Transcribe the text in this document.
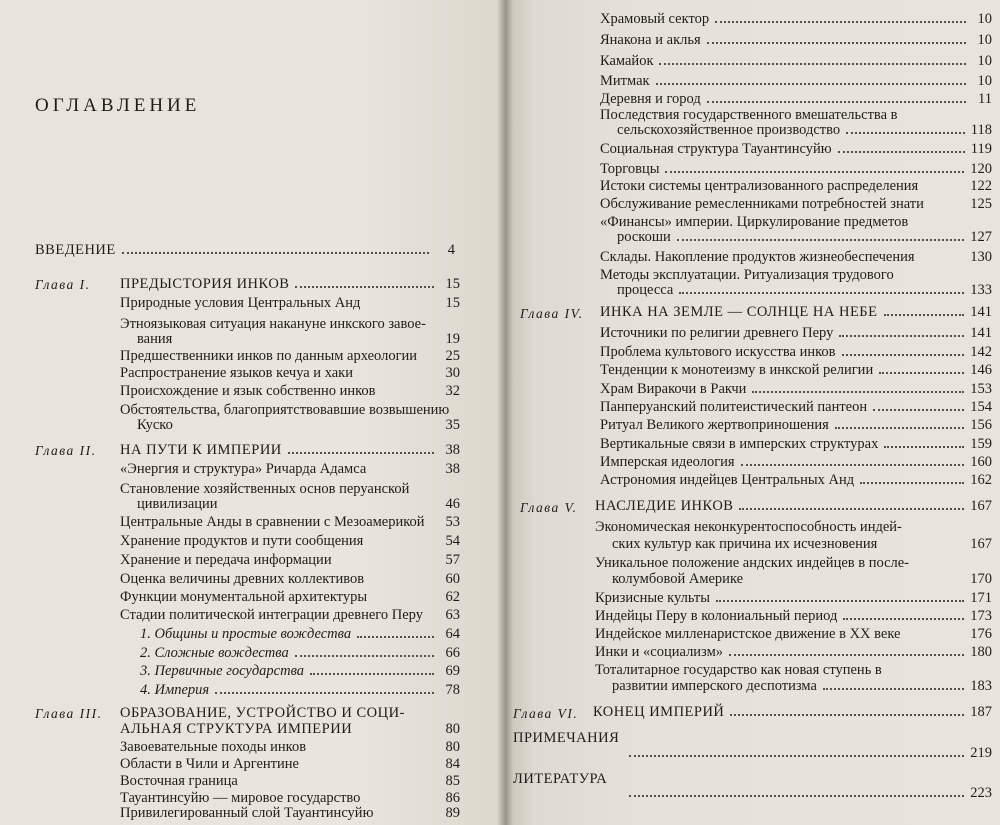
ОГЛАВЛЕНИЕ
ВВЕДЕНИЕ	4
Глава I. ПРЕДЫСТОРИЯ ИНКОВ	15
Природные условия Центральных Анд	15
Этноязыковая ситуация накануне инкского завое-
вания	19
Предшественники инков по данным археологии	25
Распространение языков кечуа и хаки	30
Происхождение и язык собственно инков	32
Обстоятельства, благоприятствовавшие возвышению
Куско	35
Глава II. НА ПУТИ К ИМПЕРИИ	38
«Энергия и структура» Ричарда Адамса	38
Становление хозяйственных основ перуанской
цивилизации	46
Центральные Анды в сравнении с Мезоамерикой	53
Хранение продуктов и пути сообщения	54
Хранение и передача информации	57
Оценка величины древних коллективов	60
Функции монументальной архитектуры	62
Стадии политической интеграции древнего Перу	63
1. Общины и простые вождества	64
2. Сложные вождества	66
3. Первичные государства	69
4. Империя	78
Глава III. ОБРАЗОВАНИЕ, УСТРОЙСТВО И СОЦИ-
АЛЬНАЯ СТРУКТУРА ИМПЕРИИ	80
Завоевательные походы инков	80
Области в Чили и Аргентине	84
Восточная граница	85
Тауантинсуйю — мировое государство	86
Привилегированный слой Тауантинсуйю	89
Храмовый сектор	10
Янакона и аклья	10
Камайок	10
Митмак	10
Деревня и город	11
Последствия государственного вмешательства в
сельскохозяйственное производство	118
Социальная структура Тауантинсуйю	119
Торговцы	120
Истоки системы централизованного распределения	122
Обслуживание ремесленниками потребностей знати	125
«Финансы» империи. Циркулирование предметов
роскоши	127
Склады. Накопление продуктов жизнеобеспечения	130
Методы эксплуатации. Ритуализация трудового
процесса	133
Глава IV. ИНКА НА ЗЕМЛЕ — СОЛНЦЕ НА НЕБЕ	141
Источники по религии древнего Перу	141
Проблема культового искусства инков	142
Тенденции к монотеизму в инкской религии	146
Храм Виракочи в Ракчи	153
Панперуанский политеистический пантеон	154
Ритуал Великого жертвоприношения	156
Вертикальные связи в имперских структурах	159
Имперская идеология	160
Астрономия индейцев Центральных Анд	162
Глава V. НАСЛЕДИЕ ИНКОВ	167
Экономическая неконкурентоспособность индей-
ских культур как причина их исчезновения	167
Уникальное положение андских индейцев в после-
колумбовой Америке	170
Кризисные культы	171
Индейцы Перу в колониальный период	173
Индейское милленаристское движение в XX веке	176
Инки и «социализм»	180
Тоталитарное государство как новая ступень в
развитии имперского деспотизма	183
Глава VI. КОНЕЦ ИМПЕРИЙ	187
ПРИМЕЧАНИЯ
219
ЛИТЕРАТУРА
223
